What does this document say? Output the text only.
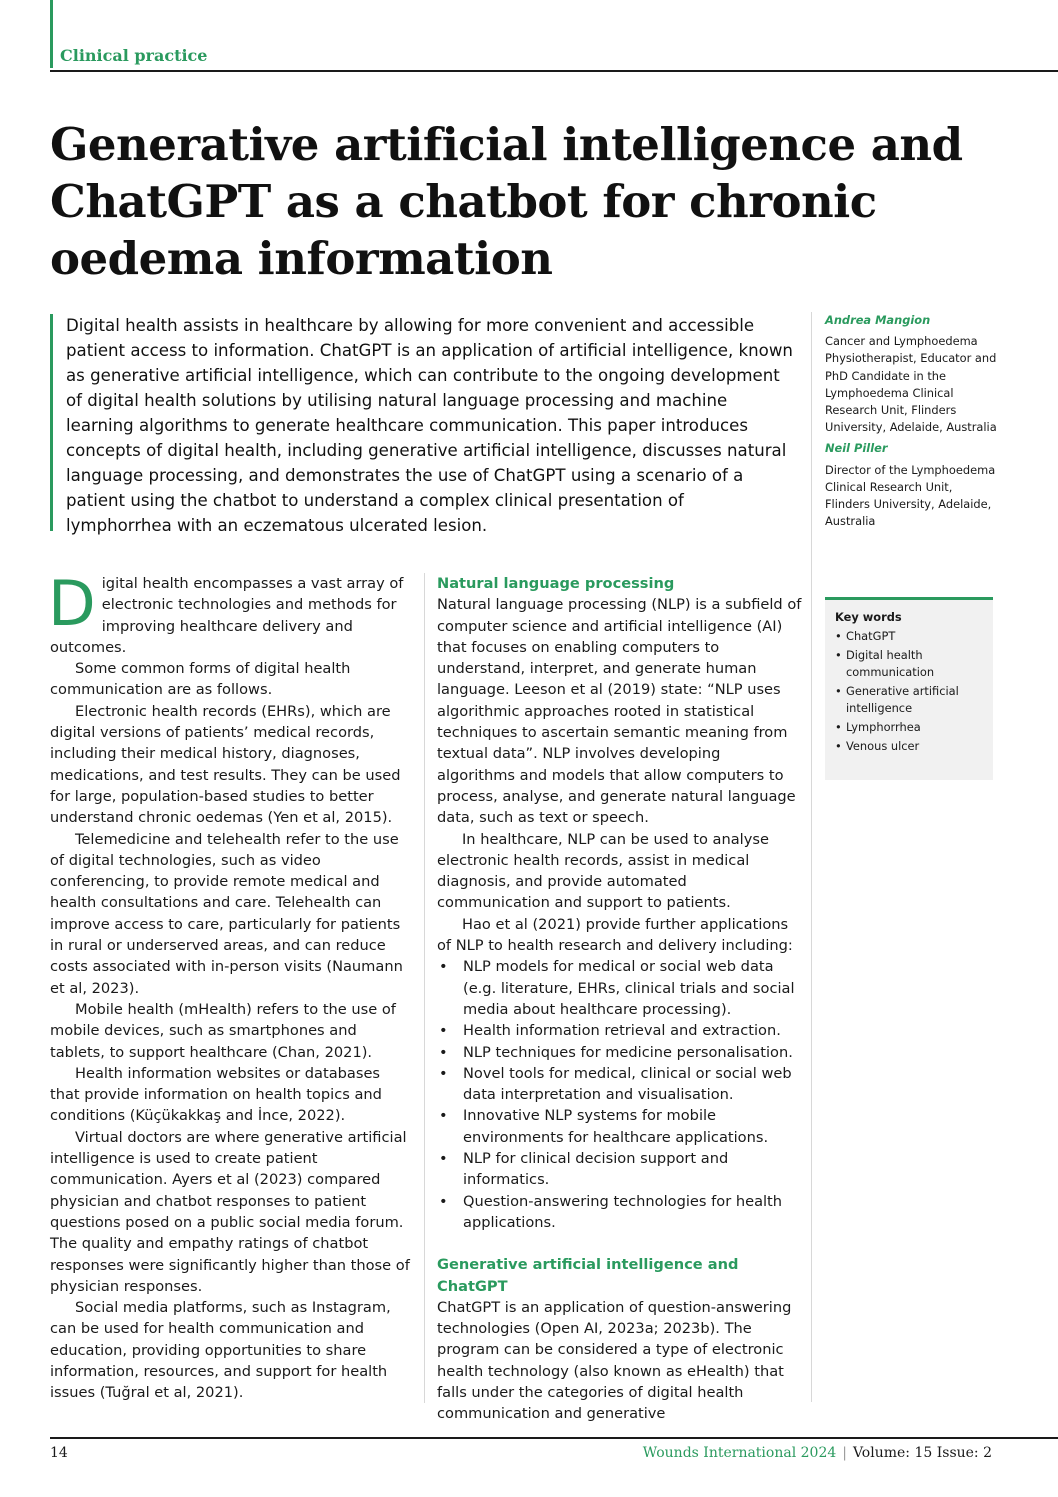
Clinical practice
Generative artificial intelligence and ChatGPT as a chatbot for chronic oedema information

Digital health assists in healthcare by allowing for more convenient and accessible patient access to information. ChatGPT is an application of artificial intelligence, known as generative artificial intelligence, which can contribute to the ongoing development of digital health solutions by utilising natural language processing and machine learning algorithms to generate healthcare communication. This paper introduces concepts of digital health, including generative artificial intelligence, discusses natural language processing, and demonstrates the use of ChatGPT using a scenario of a patient using the chatbot to understand a complex clinical presentation of lymphorrhea with an eczematous ulcerated lesion.

Andrea Mangion
Cancer and Lymphoedema Physiotherapist, Educator and PhD Candidate in the Lymphoedema Clinical Research Unit, Flinders University, Adelaide, Australia
Neil Piller
Director of the Lymphoedema Clinical Research Unit, Flinders University, Adelaide, Australia
Key words
• ChatGPT
• Digital health communication
• Generative artificial intelligence
• Lymphorrhea
• Venous ulcer
D igital health encompasses a vast array of electronic technologies and methods for improving healthcare delivery and outcomes.

Some common forms of digital health communication are as follows.

Electronic health records (EHRs), which are digital versions of patients’ medical records, including their medical history, diagnoses, medications, and test results. They can be used for large, population-based studies to better understand chronic oedemas (Yen et al, 2015).

Telemedicine and telehealth refer to the use of digital technologies, such as video conferencing, to provide remote medical and health consultations and care. Telehealth can improve access to care, particularly for patients in rural or underserved areas, and can reduce costs associated with in-person visits (Naumann et al, 2023).

Mobile health (mHealth) refers to the use of mobile devices, such as smartphones and tablets, to support healthcare (Chan, 2021).

Health information websites or databases that provide information on health topics and conditions (Küçükakkaş and İnce, 2022).

Virtual doctors are where generative artificial intelligence is used to create patient communication. Ayers et al (2023) compared physician and chatbot responses to patient questions posed on a public social media forum. The quality and empathy ratings of chatbot responses were significantly higher than those of physician responses.

Social media platforms, such as Instagram, can be used for health communication and education, providing opportunities to share information, resources, and support for health issues (Tuğral et al, 2021).

Natural language processing

Natural language processing (NLP) is a subfield of computer science and artificial intelligence (AI) that focuses on enabling computers to understand, interpret, and generate human language. Leeson et al (2019) state: “NLP uses algorithmic approaches rooted in statistical techniques to ascertain semantic meaning from textual data”. NLP involves developing algorithms and models that allow computers to process, analyse, and generate natural language data, such as text or speech.

In healthcare, NLP can be used to analyse electronic health records, assist in medical diagnosis, and provide automated communication and support to patients.

Hao et al (2021) provide further applications of NLP to health research and delivery including:

• NLP models for medical or social web data (e.g. literature, EHRs, clinical trials and social media about healthcare processing).
• Health information retrieval and extraction.
• NLP techniques for medicine personalisation.
• Novel tools for medical, clinical or social web data interpretation and visualisation.
• Innovative NLP systems for mobile environments for healthcare applications.
• NLP for clinical decision support and informatics.
• Question-answering technologies for health applications.

Generative artificial intelligence and ChatGPT

ChatGPT is an application of question-answering technologies (Open AI, 2023a; 2023b). The program can be considered a type of electronic health technology (also known as eHealth) that falls under the categories of digital health communication and generative

14	Wounds International 2024 | Volume: 15 Issue: 2
